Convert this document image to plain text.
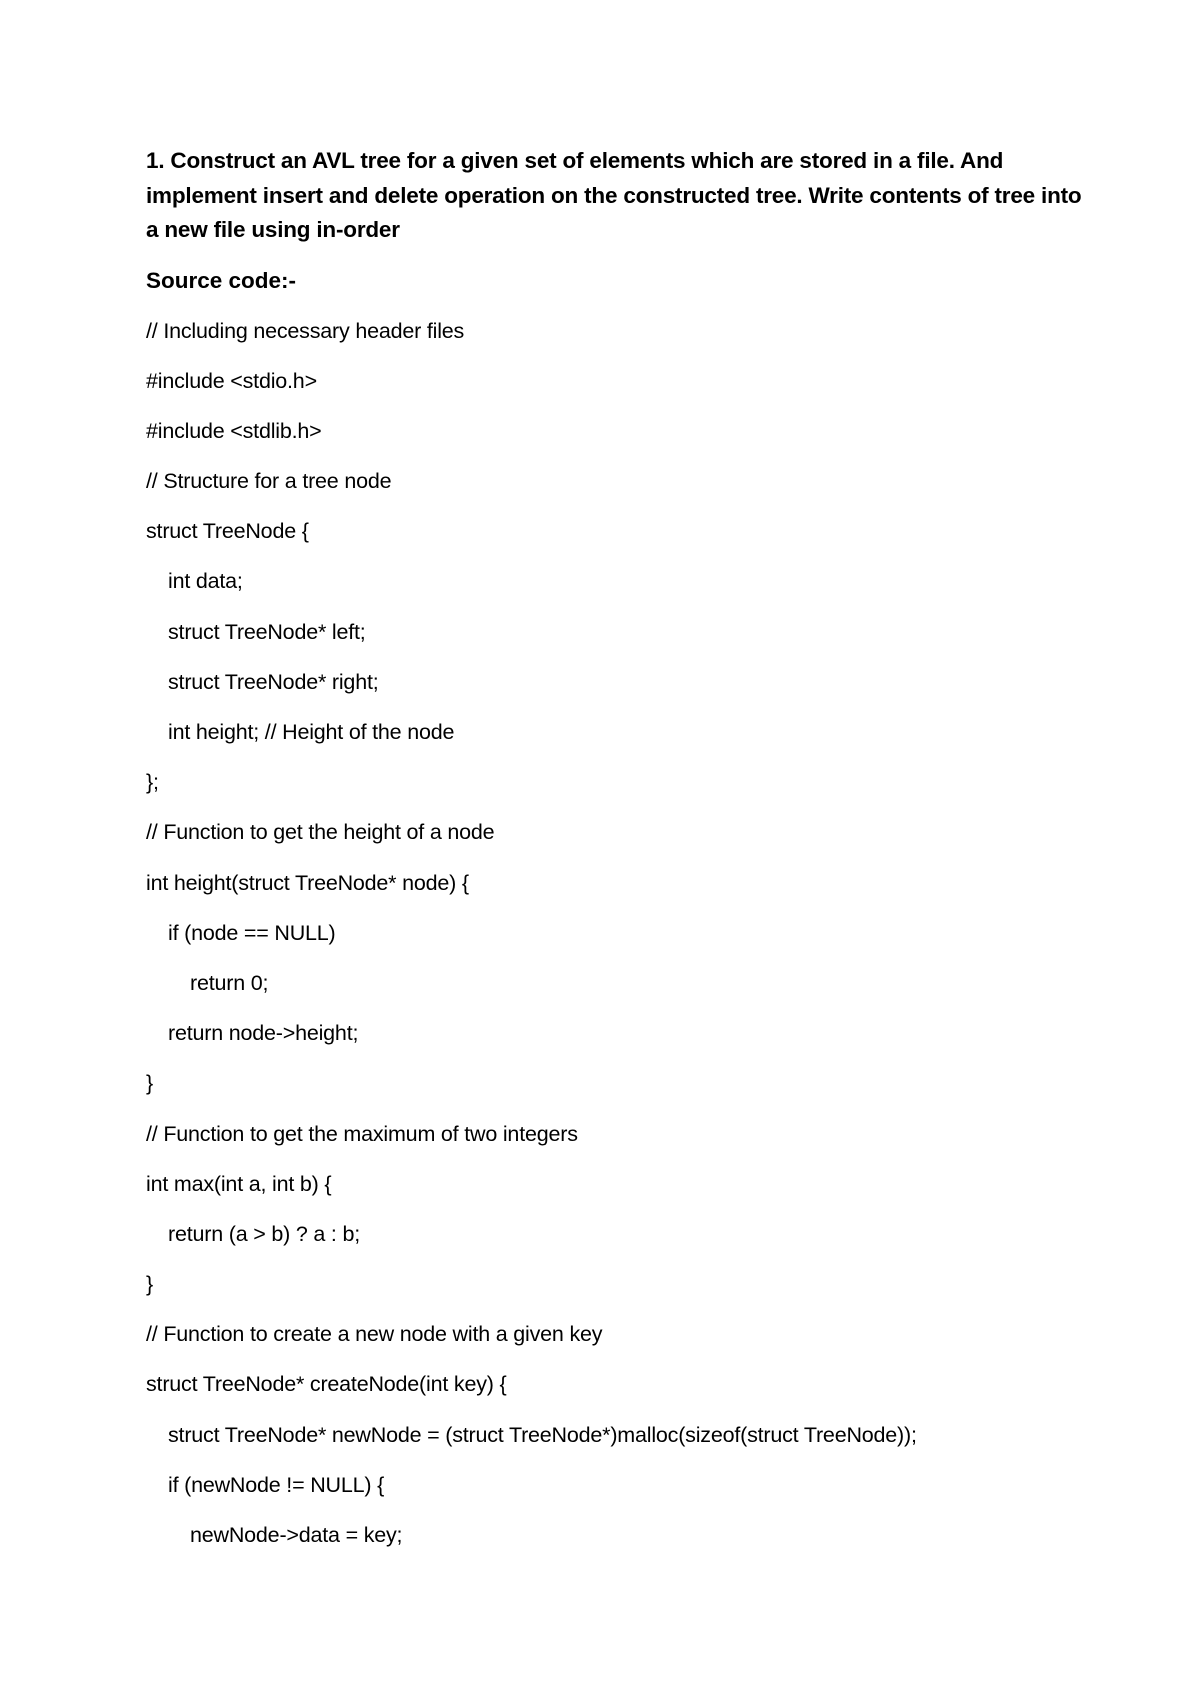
1. Construct an AVL tree for a given set of elements which are stored in a file. And implement insert and delete operation on the constructed tree. Write contents of tree into a new file using in-order

Source code:-

// Including necessary header files
#include <stdio.h>
#include <stdlib.h>
// Structure for a tree node
struct TreeNode {
int data;
struct TreeNode* left;
struct TreeNode* right;
int height; // Height of the node
};
// Function to get the height of a node
int height(struct TreeNode* node) {
if (node == NULL)
return 0;
return node->height;
}
// Function to get the maximum of two integers
int max(int a, int b) {
return (a > b) ? a : b;
}
// Function to create a new node with a given key
struct TreeNode* createNode(int key) {
struct TreeNode* newNode = (struct TreeNode*)malloc(sizeof(struct TreeNode));
if (newNode != NULL) {
newNode->data = key;
